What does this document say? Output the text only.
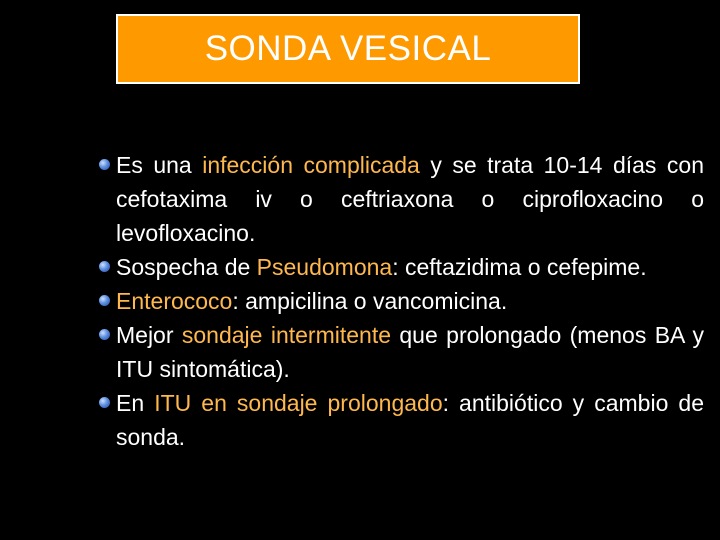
SONDA VESICAL
Es una infección complicada y se trata 10-14 días con cefotaxima iv o ceftriaxona o ciprofloxacino o levofloxacino.
Sospecha de Pseudomona: ceftazidima o cefepime.
Enterococo: ampicilina o vancomicina.
Mejor sondaje intermitente que prolongado (menos BA y ITU sintomática).
En ITU en sondaje prolongado: antibiótico y cambio de sonda.
